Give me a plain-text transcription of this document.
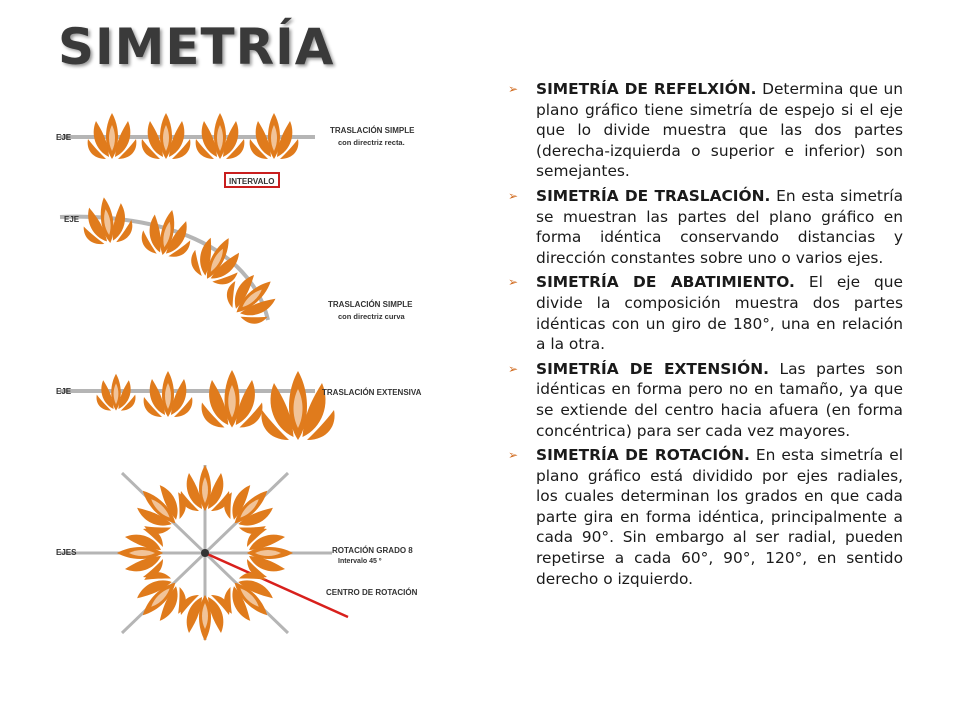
SIMETRÍA
EJE
TRASLACIÓN SIMPLE
con directriz recta.
INTERVALO
EJE
TRASLACIÓN SIMPLE
con directriz curva
EJE	TRASLACIÓN EXTENSIVA
EJES	ROTACIÓN GRADO 8
Intervalo 45 º
CENTRO DE ROTACIÓN
➢ SIMETRÍA DE REFELXIÓN. Determina que un plano gráfico tiene simetría de espejo si el eje que lo divide muestra que las dos partes (derecha-izquierda o superior e inferior) son semejantes.
➢ SIMETRÍA DE TRASLACIÓN. En esta simetría se muestran las partes del plano gráfico en forma idéntica conservando distancias y dirección constantes sobre uno o varios ejes.
➢ SIMETRÍA DE ABATIMIENTO. El eje que divide la composición muestra dos partes idénticas con un giro de 180°, una en relación a la otra.
➢ SIMETRÍA DE EXTENSIÓN. Las partes son idénticas en forma pero no en tamaño, ya que se extiende del centro hacia afuera (en forma concéntrica) para ser cada vez mayores.
➢ SIMETRÍA DE ROTACIÓN. En esta simetría el plano gráfico está dividido por ejes radiales, los cuales determinan los grados en que cada parte gira en forma idéntica, principalmente a cada 90°. Sin embargo al ser radial, pueden repetirse a cada 60°, 90°, 120°, en sentido derecho o izquierdo.
